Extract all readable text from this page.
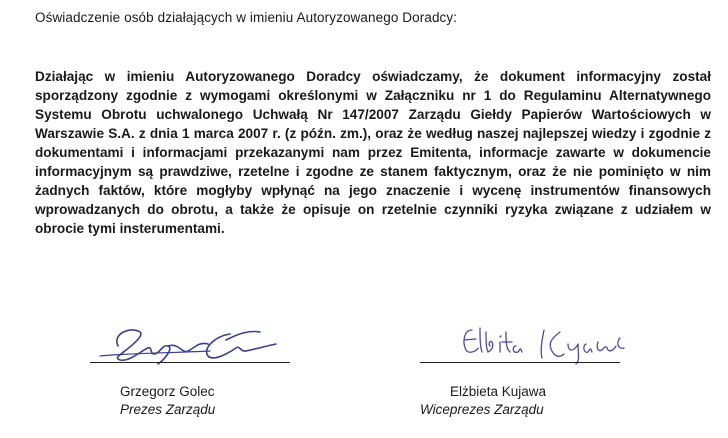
Oświadczenie osób działających w imieniu Autoryzowanego Doradcy:
Działając w imieniu Autoryzowanego Doradcy oświadczamy, że dokument informacyjny został sporządzony zgodnie z wymogami określonymi w Załączniku nr 1 do Regulaminu Alternatywnego Systemu Obrotu uchwalonego Uchwałą Nr 147/2007 Zarządu Giełdy Papierów Wartościowych w Warszawie S.A. z dnia 1 marca 2007 r. (z późn. zm.), oraz że według naszej najlepszej wiedzy i zgodnie z dokumentami i informacjami przekazanymi nam przez Emitenta, informacje zawarte w dokumencie informacyjnym są prawdziwe, rzetelne i zgodne ze stanem faktycznym, oraz że nie pominięto w nim żadnych faktów, które mogłyby wpłynąć na jego znaczenie i wycenę instrumentów finansowych wprowadzanych do obrotu, a także że opisuje on rzetelnie czynniki ryzyka związane z udziałem w obrocie tymi insterumentami.
Grzegorz Golec
Prezes Zarządu
Elżbieta Kujawa
Wiceprezes Zarządu
